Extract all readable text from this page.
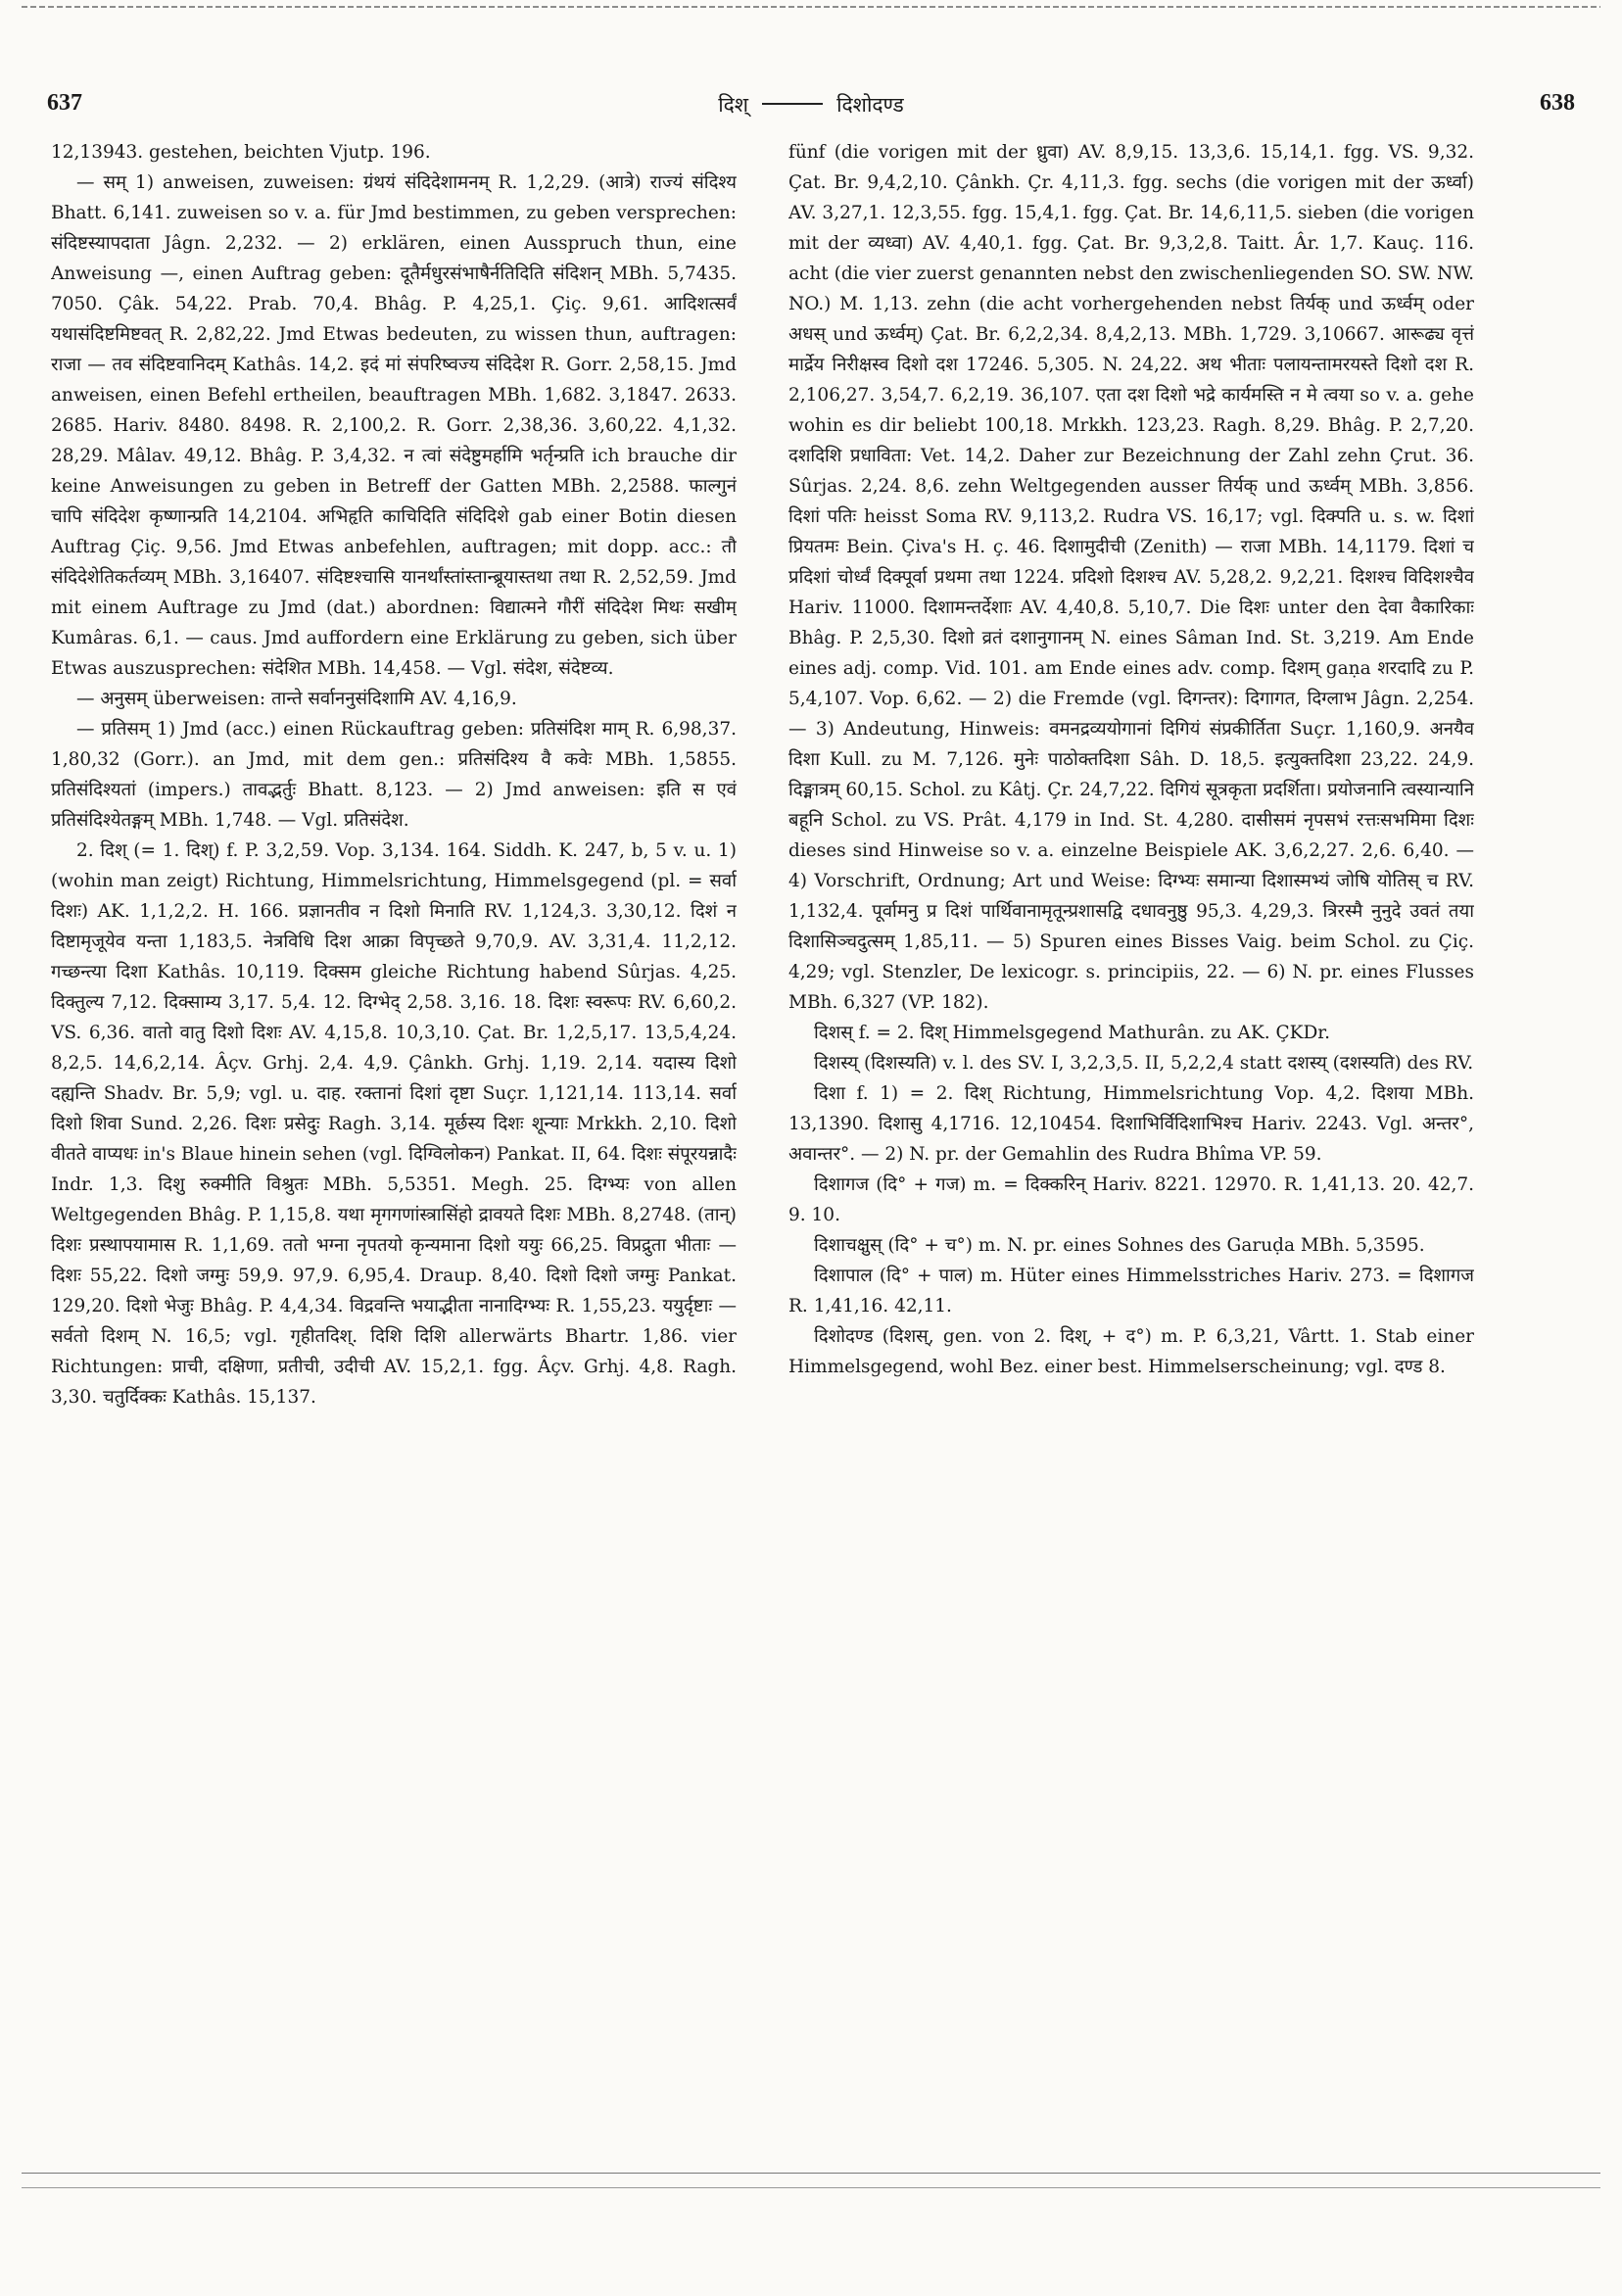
637	दिश्	दिशोदण्ड	638

12,13943. gestehen, beichten Vjutp. 196.

— सम् 1) anweisen, zuweisen: ग्रंथयं संदिदेशामनम् R. 1,2,29. (आत्रे) राज्यं संदिश्य Bhatt. 6,141. zuweisen so v. a. für Jmd bestimmen, zu geben versprechen: संदिष्टस्यापदाता Jâgn. 2,232. — 2) erklären, einen Ausspruch thun, eine Anweisung —, einen Auftrag geben: दूतैर्मधुरसंभाषैर्नतिदिति संदिशन् MBh. 5,7435. 7050. Çâk. 54,22. Prab. 70,4. Bhâg. P. 4,25,1. Çiç. 9,61. आदिशत्सर्वं यथासंदिष्टमिष्टवत् R. 2,82,22. Jmd Etwas bedeuten, zu wissen thun, auftragen: राजा — तव संदिष्टवानिदम् Kathâs. 14,2. इदं मां संपरिष्वज्य संदिदेश R. Gorr. 2,58,15. Jmd anweisen, einen Befehl ertheilen, beauftragen MBh. 1,682. 3,1847. 2633. 2685. Hariv. 8480. 8498. R. 2,100,2. R. Gorr. 2,38,36. 3,60,22. 4,1,32. 28,29. Mâlav. 49,12. Bhâg. P. 3,4,32. न त्वां संदेष्टुमर्हामि भर्तृन्प्रति ich brauche dir keine Anweisungen zu geben in Betreff der Gatten MBh. 2,2588. फाल्गुनं चापि संदिदेश कृष्णान्प्रति 14,2104. अभिहृति काचिदिति संदिदिशे gab einer Botin diesen Auftrag Çiç. 9,56. Jmd Etwas anbefehlen, auftragen; mit dopp. acc.: तौ संदिदेशेतिकर्तव्यम् MBh. 3,16407. संदिष्टश्चासि यानर्थांस्तांस्तान्ब्रूयास्तथा तथा R. 2,52,59. Jmd mit einem Auftrage zu Jmd (dat.) abordnen: विद्यात्मने गौरीं संदिदेश मिथः सखीम् Kumâras. 6,1. — caus. Jmd auffordern eine Erklärung zu geben, sich über Etwas auszusprechen: संदेशित MBh. 14,458. — Vgl. संदेश, संदेष्टव्य.

— अनुसम् überweisen: तान्ते सर्वाननुसंदिशामि AV. 4,16,9.

— प्रतिसम् 1) Jmd (acc.) einen Rückauftrag geben: प्रतिसंदिश माम् R. 6,98,37. 1,80,32 (Gorr.). an Jmd, mit dem gen.: प्रतिसंदिश्य वै कवेः MBh. 1,5855. प्रतिसंदिश्यतां (impers.) तावद्भर्तुः Bhatt. 8,123. — 2) Jmd anweisen: इति स एवं प्रतिसंदिश्येतङ्गम् MBh. 1,748. — Vgl. प्रतिसंदेश.

2. दिश् (= 1. दिश्) f. P. 3,2,59. Vop. 3,134. 164. Siddh. K. 247, b, 5 v. u. 1) (wohin man zeigt) Richtung, Himmelsrichtung, Himmelsgegend (pl. = सर्वा दिशः) AK. 1,1,2,2. H. 166. प्रज्ञानतीव न दिशो मिनाति RV. 1,124,3. 3,30,12. दिशं न दिष्टामृजूयेव यन्ता 1,183,5. नेत्रविधि दिश आक्रा विपृच्छते 9,70,9. AV. 3,31,4. 11,2,12. गच्छन्त्या दिशा Kathâs. 10,119. दिक्सम gleiche Richtung habend Sûrjas. 4,25. दिक्तुल्य 7,12. दिक्साम्य 3,17. 5,4. 12. दिग्भेद् 2,58. 3,16. 18. दिशः स्वरूपः RV. 6,60,2. VS. 6,36. वातो वातु दिशो दिशः AV. 4,15,8. 10,3,10. Çat. Br. 1,2,5,17. 13,5,4,24. 8,2,5. 14,6,2,14. Âçv. Grhj. 2,4. 4,9. Çânkh. Grhj. 1,19. 2,14. यदास्य दिशो दह्यन्ति Shadv. Br. 5,9; vgl. u. दाह. रक्तानां दिशां दृष्टा Suçr. 1,121,14. 113,14. सर्वा दिशो शिवा Sund. 2,26. दिशः प्रसेदुः Ragh. 3,14. मूर्छस्य दिशः शून्याः Mrkkh. 2,10. दिशो वीतते वाप्यधः in's Blaue hinein sehen (vgl. दिग्विलोकन) Pankat. II, 64. दिशः संपूरयन्नादैः Indr. 1,3. दिशु रुक्मीति विश्रुतः MBh. 5,5351. Megh. 25. दिग्भ्यः von allen Weltgegenden Bhâg. P. 1,15,8. यथा मृगगणांस्त्रासिंहो द्रावयते दिशः MBh. 8,2748. (तान्) दिशः प्रस्थापयामास R. 1,1,69. ततो भग्ना नृपतयो कृन्यमाना दिशो ययुः 66,25. विप्रद्रुता भीताः — दिशः 55,22. दिशो जग्मुः 59,9. 97,9. 6,95,4. Draup. 8,40. दिशो दिशो जग्मुः Pankat. 129,20. दिशो भेजुः Bhâg. P. 4,4,34. विद्रवन्ति भयाद्भीता नानादिग्भ्यः R. 1,55,23. ययुर्दृष्टाः — सर्वतो दिशम् N. 16,5; vgl. गृहीतदिश्. दिशि दिशि allerwärts Bhartr. 1,86. vier Richtungen: प्राची, दक्षिणा, प्रतीची, उदीची AV. 15,2,1. fgg. Âçv. Grhj. 4,8. Ragh. 3,30. चतुर्दिक्कः Kathâs. 15,137.

fünf (die vorigen mit der ध्रुवा) AV. 8,9,15. 13,3,6. 15,14,1. fgg. VS. 9,32. Çat. Br. 9,4,2,10. Çânkh. Çr. 4,11,3. fgg. sechs (die vorigen mit der ऊर्ध्वा) AV. 3,27,1. 12,3,55. fgg. 15,4,1. fgg. Çat. Br. 14,6,11,5. sieben (die vorigen mit der व्यध्वा) AV. 4,40,1. fgg. Çat. Br. 9,3,2,8. Taitt. Âr. 1,7. Kauç. 116. acht (die vier zuerst genannten nebst den zwischenliegenden SO. SW. NW. NO.) M. 1,13. zehn (die acht vorhergehenden nebst तिर्यक् und ऊर्ध्वम् oder अधस् und ऊर्ध्वम्) Çat. Br. 6,2,2,34. 8,4,2,13. MBh. 1,729. 3,10667. आरूढ्य वृत्तं मार्द्रेय निरीक्षस्व दिशो दश 17246. 5,305. N. 24,22. अथ भीताः पलायन्तामरयस्ते दिशो दश R. 2,106,27. 3,54,7. 6,2,19. 36,107. एता दश दिशो भद्रे कार्यमस्ति न मे त्वया so v. a. gehe wohin es dir beliebt 100,18. Mrkkh. 123,23. Ragh. 8,29. Bhâg. P. 2,7,20. दशदिशि प्रधाविता: Vet. 14,2. Daher zur Bezeichnung der Zahl zehn Çrut. 36. Sûrjas. 2,24. 8,6. zehn Weltgegenden ausser तिर्यक् und ऊर्ध्वम् MBh. 3,856. दिशां पतिः heisst Soma RV. 9,113,2. Rudra VS. 16,17; vgl. दिक्पति u. s. w. दिशां प्रियतमः Bein. Çiva's H. ç. 46. दिशामुदीची (Zenith) — राजा MBh. 14,1179. दिशां च प्रदिशां चोर्ध्वं दिक्पूर्वा प्रथमा तथा 1224. प्रदिशो दिशश्च AV. 5,28,2. 9,2,21. दिशश्च विदिशश्चैव Hariv. 11000. दिशामन्तर्देशाः AV. 4,40,8. 5,10,7. Die दिशः unter den देवा वैकारिकाः Bhâg. P. 2,5,30. दिशो व्रतं दशानुगानम् N. eines Sâman Ind. St. 3,219. Am Ende eines adj. comp. Vid. 101. am Ende eines adv. comp. दिशम् gaṇa शरदादि zu P. 5,4,107. Vop. 6,62. — 2) die Fremde (vgl. दिगन्तर): दिगागत, दिग्लाभ Jâgn. 2,254. — 3) Andeutung, Hinweis: वमनद्रव्ययोगानां दिगियं संप्रकीर्तिता Suçr. 1,160,9. अनयैव दिशा Kull. zu M. 7,126. मुनेः पाठोक्तदिशा Sâh. D. 18,5. इत्युक्तदिशा 23,22. 24,9. दिङ्मात्रम् 60,15. Schol. zu Kâtj. Çr. 24,7,22. दिगियं सूत्रकृता प्रदर्शिता। प्रयोजनानि त्वस्यान्यानि बहूनि Schol. zu VS. Prât. 4,179 in Ind. St. 4,280. दासीसमं नृपसभं रत्तःसभमिमा दिशः dieses sind Hinweise so v. a. einzelne Beispiele AK. 3,6,2,27. 2,6. 6,40. — 4) Vorschrift, Ordnung; Art und Weise: दिग्भ्यः समान्या दिशास्मभ्यं जोषि योतिस् च RV. 1,132,4. पूर्वामनु प्र दिशं पार्थिवानामृतून्प्रशासद्वि दधावनुष्ठु 95,3. 4,29,3. त्रिरस्मै नुनुदे उवतं तया दिशासिञ्चदुत्सम् 1,85,11. — 5) Spuren eines Bisses Vaig. beim Schol. zu Çiç. 4,29; vgl. Stenzler, De lexicogr. s. principiis, 22. — 6) N. pr. eines Flusses MBh. 6,327 (VP. 182).

दिशस् f. = 2. दिश् Himmelsgegend Mathurân. zu AK. ÇKDr.

दिशस्य् (दिशस्यति) v. l. des SV. I, 3,2,3,5. II, 5,2,2,4 statt दशस्य् (दशस्यति) des RV.

दिशा f. 1) = 2. दिश् Richtung, Himmelsrichtung Vop. 4,2. दिशया MBh. 13,1390. दिशासु 4,1716. 12,10454. दिशाभिर्विदिशाभिश्च Hariv. 2243. Vgl. अन्तर°, अवान्तर°. — 2) N. pr. der Gemahlin des Rudra Bhîma VP. 59.

दिशागज (दि° + गज) m. = दिक्करिन् Hariv. 8221. 12970. R. 1,41,13. 20. 42,7. 9. 10.

दिशाचक्षुस् (दि° + च°) m. N. pr. eines Sohnes des Garuḍa MBh. 5,3595.

दिशापाल (दि° + पाल) m. Hüter eines Himmelsstriches Hariv. 273. = दिशागज R. 1,41,16. 42,11.

दिशोदण्ड (दिशस्, gen. von 2. दिश्, + द°) m. P. 6,3,21, Vârtt. 1. Stab einer Himmelsgegend, wohl Bez. einer best. Himmelserscheinung; vgl. दण्ड 8.
